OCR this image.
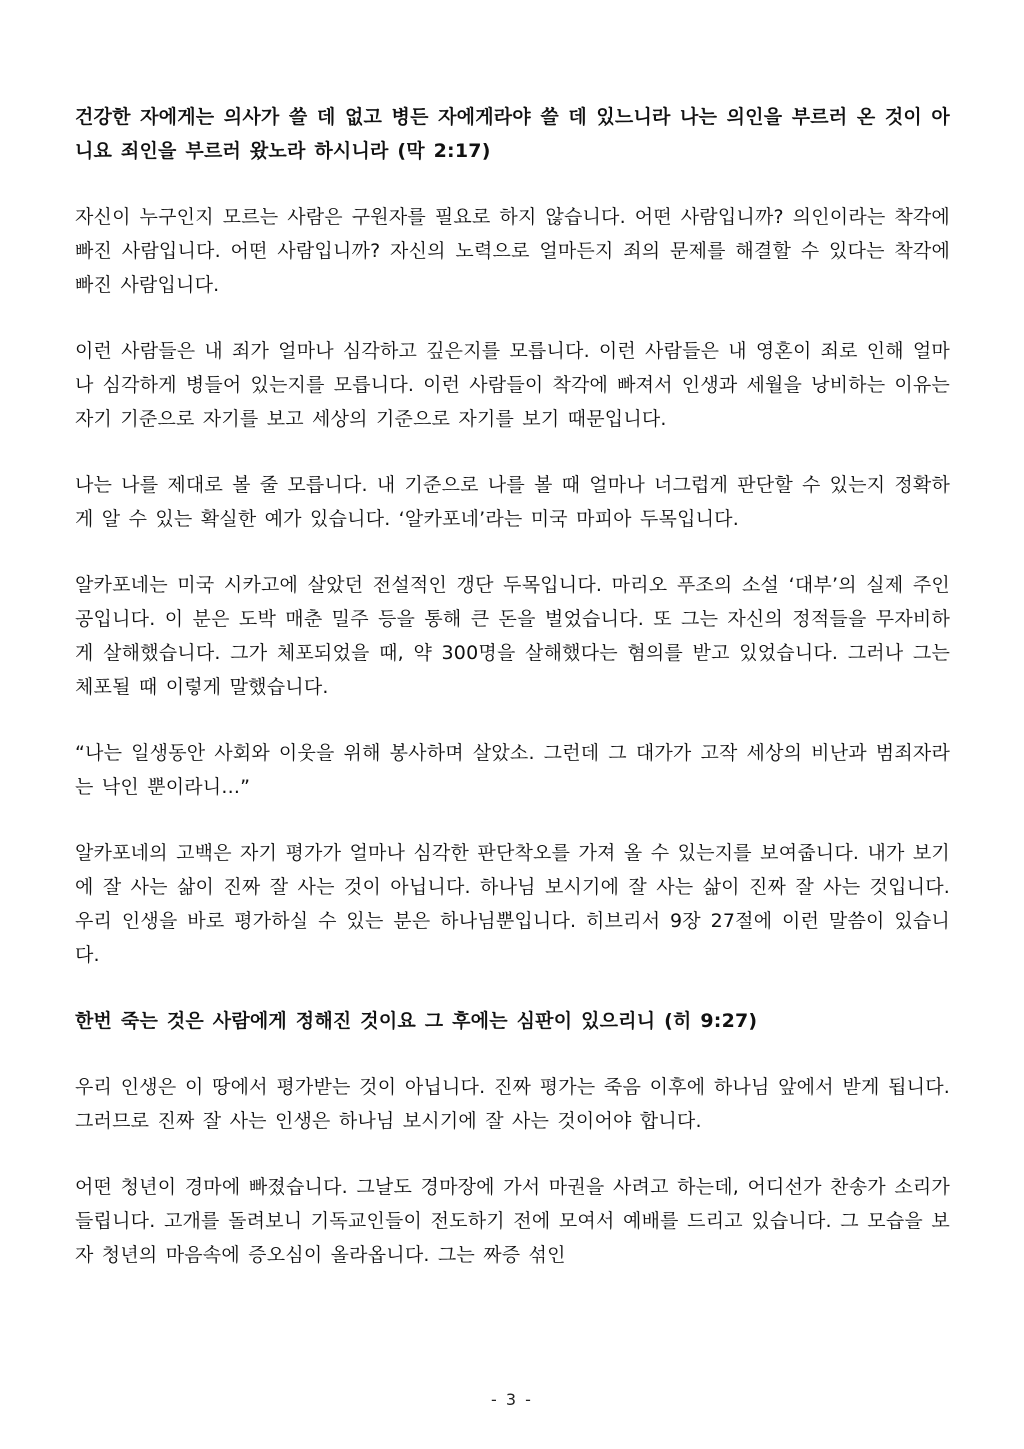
건강한 자에게는 의사가 쓸 데 없고 병든 자에게라야 쓸 데 있느니라 나는 의인을 부르러 온 것이 아니요 죄인을 부르러 왔노라 하시니라 (막 2:17)

자신이 누구인지 모르는 사람은 구원자를 필요로 하지 않습니다. 어떤 사람입니까? 의인이라는 착각에 빠진 사람입니다. 어떤 사람입니까? 자신의 노력으로 얼마든지 죄의 문제를 해결할 수 있다는 착각에 빠진 사람입니다.

이런 사람들은 내 죄가 얼마나 심각하고 깊은지를 모릅니다. 이런 사람들은 내 영혼이 죄로 인해 얼마나 심각하게 병들어 있는지를 모릅니다. 이런 사람들이 착각에 빠져서 인생과 세월을 낭비하는 이유는 자기 기준으로 자기를 보고 세상의 기준으로 자기를 보기 때문입니다.

나는 나를 제대로 볼 줄 모릅니다. 내 기준으로 나를 볼 때 얼마나 너그럽게 판단할 수 있는지 정확하게 알 수 있는 확실한 예가 있습니다. ‘알카포네’라는 미국 마피아 두목입니다.

알카포네는 미국 시카고에 살았던 전설적인 갱단 두목입니다. 마리오 푸조의 소설 ‘대부’의 실제 주인공입니다. 이 분은 도박 매춘 밀주 등을 통해 큰 돈을 벌었습니다. 또 그는 자신의 정적들을 무자비하게 살해했습니다. 그가 체포되었을 때, 약 300명을 살해했다는 혐의를 받고 있었습니다. 그러나 그는 체포될 때 이렇게 말했습니다.

“나는 일생동안 사회와 이웃을 위해 봉사하며 살았소. 그런데 그 대가가 고작 세상의 비난과 범죄자라는 낙인 뿐이라니...”

알카포네의 고백은 자기 평가가 얼마나 심각한 판단착오를 가져 올 수 있는지를 보여줍니다. 내가 보기에 잘 사는 삶이 진짜 잘 사는 것이 아닙니다. 하나님 보시기에 잘 사는 삶이 진짜 잘 사는 것입니다. 우리 인생을 바로 평가하실 수 있는 분은 하나님뿐입니다. 히브리서 9장 27절에 이런 말씀이 있습니다.

한번 죽는 것은 사람에게 정해진 것이요 그 후에는 심판이 있으리니 (히 9:27)

우리 인생은 이 땅에서 평가받는 것이 아닙니다. 진짜 평가는 죽음 이후에 하나님 앞에서 받게 됩니다. 그러므로 진짜 잘 사는 인생은 하나님 보시기에 잘 사는 것이어야 합니다.

어떤 청년이 경마에 빠졌습니다. 그날도 경마장에 가서 마권을 사려고 하는데, 어디선가 찬송가 소리가 들립니다. 고개를 돌려보니 기독교인들이 전도하기 전에 모여서 예배를 드리고 있습니다. 그 모습을 보자 청년의 마음속에 증오심이 올라옵니다. 그는 짜증 섞인

- 3 -
